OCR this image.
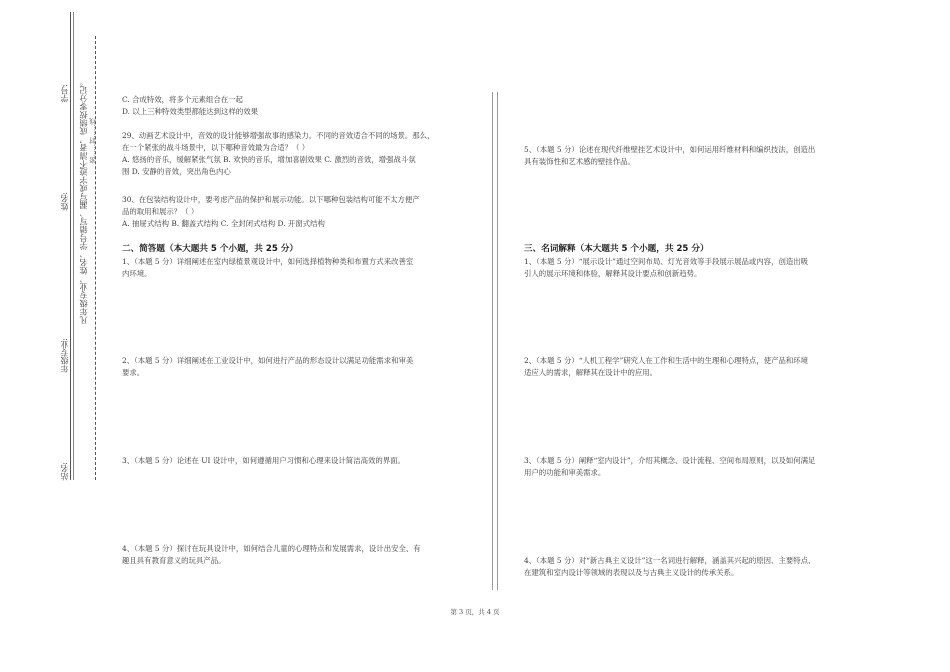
学号:
姓名:
年级专业:
站名:
凡年级专业、姓名、学号错写、漏写或字迹不清者，成绩按零分记。 密……封……线
C. 合成特效，将多个元素组合在一起
D. 以上三种特效类型都能达到这样的效果
29、动画艺术设计中，音效的设计能够增强故事的感染力。不同的音效适合不同的场景。那么，
在一个紧张的战斗场景中，以下哪种音效最为合适？（ ）
A. 悠扬的音乐，缓解紧张气氛 B. 欢快的音乐，增加喜剧效果 C. 激烈的音效，增强战斗氛
围 D. 安静的音效，突出角色内心
30、在包装结构设计中，要考虑产品的保护和展示功能。以下哪种包装结构可能不太方便产
品的取用和展示？（ ）
A. 抽屉式结构 B. 翻盖式结构 C. 全封闭式结构 D. 开窗式结构
二、简答题（本大题共 5 个小题，共 25 分）
1、（本题 5 分）详细阐述在室内绿植景观设计中，如何选择植物种类和布置方式来改善室
内环境。
2、（本题 5 分）详细阐述在工业设计中，如何进行产品的形态设计以满足功能需求和审美
要求。
3、（本题 5 分）论述在 UI 设计中，如何遵循用户习惯和心理来设计简洁高效的界面。
4、（本题 5 分）探讨在玩具设计中，如何结合儿童的心理特点和发展需求，设计出安全、有
趣且具有教育意义的玩具产品。
5、（本题 5 分）论述在现代纤维壁挂艺术设计中，如何运用纤维材料和编织技法，创造出
具有装饰性和艺术感的壁挂作品。
三、名词解释（本大题共 5 个小题，共 25 分）
1、（本题 5 分）“展示设计”通过空间布局、灯光音效等手段展示展品或内容，创造出吸
引人的展示环境和体验，解释其设计要点和创新趋势。
2、（本题 5 分）“人机工程学”研究人在工作和生活中的生理和心理特点，使产品和环境
适应人的需求，解释其在设计中的应用。
3、（本题 5 分）阐释“室内设计”，介绍其概念、设计流程、空间布局原则，以及如何满足
用户的功能和审美需求。
4、（本题 5 分）对“新古典主义设计”这一名词进行解释，涵盖其兴起的原因、主要特点、
在建筑和室内设计等领域的表现以及与古典主义设计的传承关系。
第 3 页，共 4 页
